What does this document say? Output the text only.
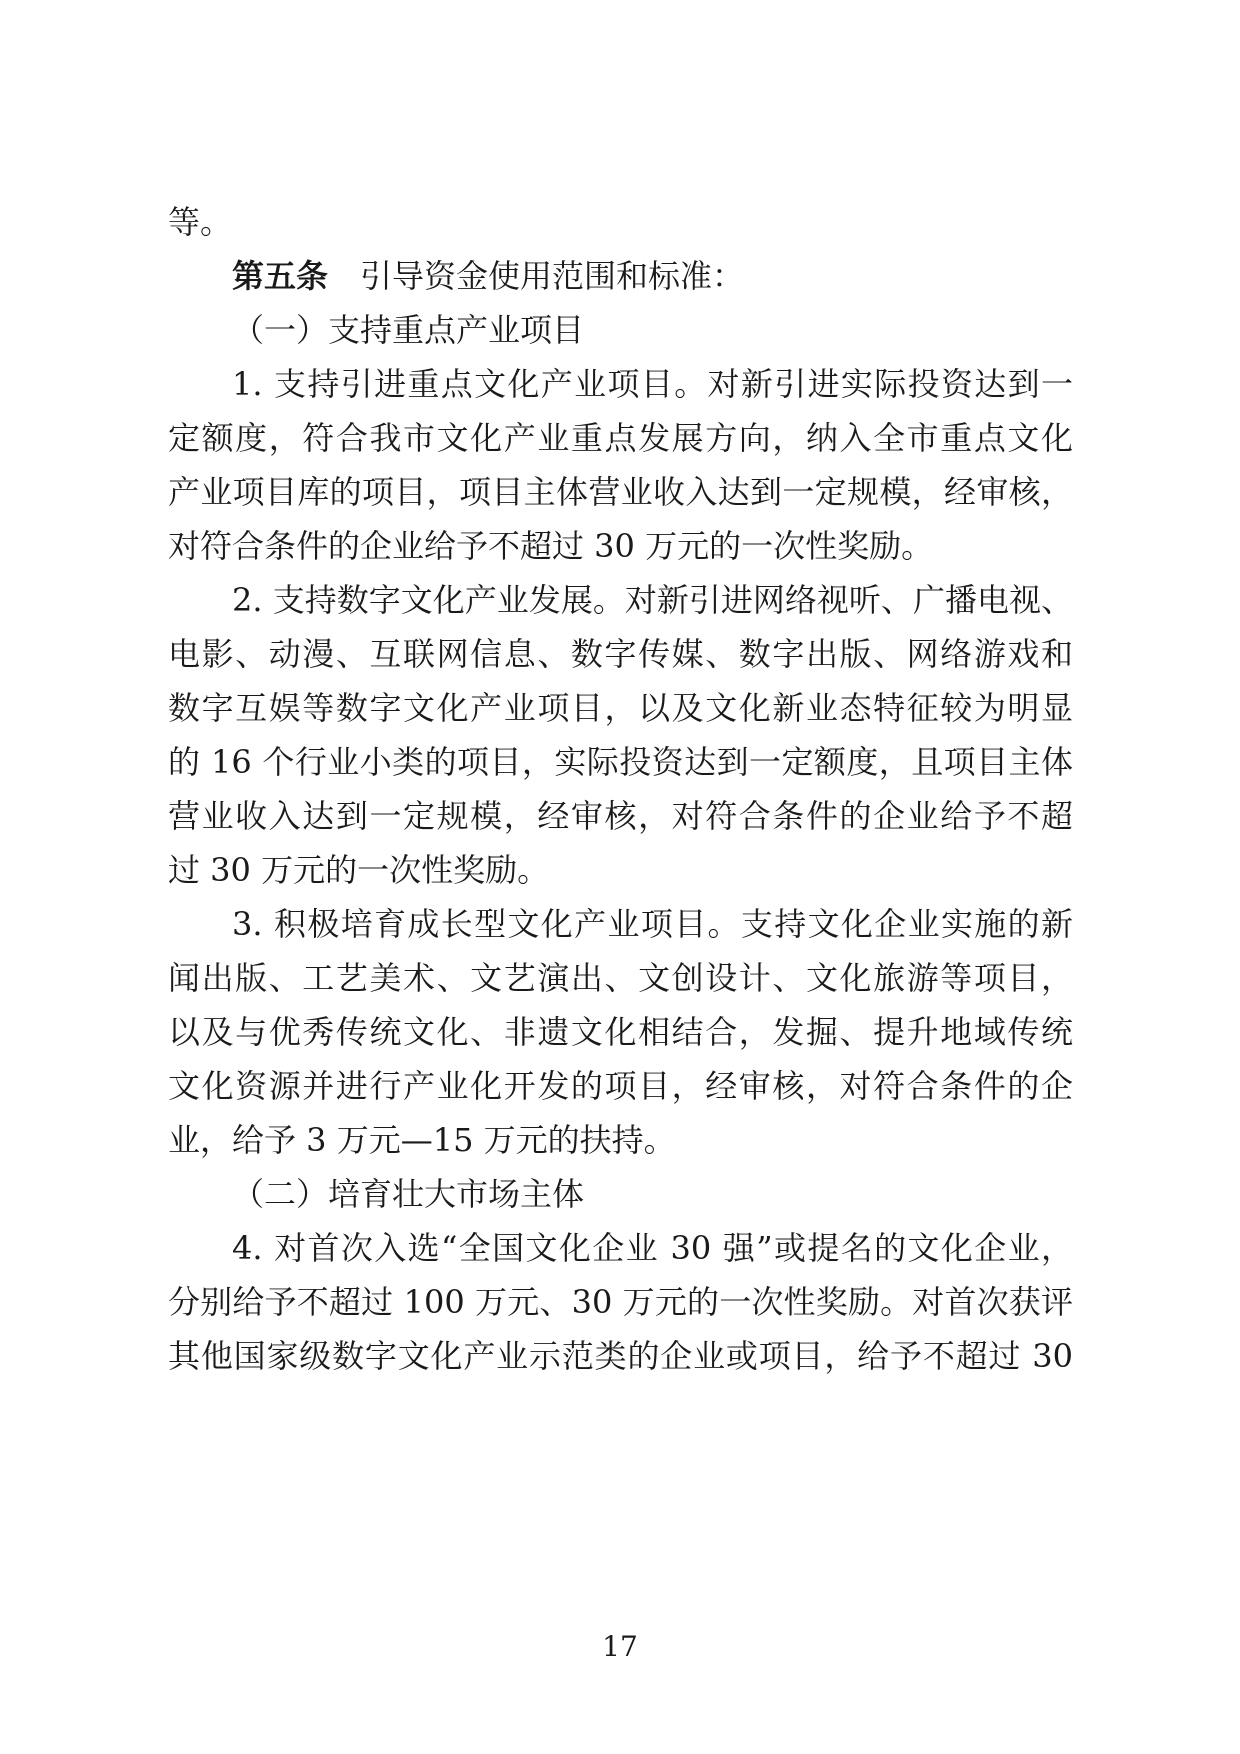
等。
第五条 引导资金使用范围和标准：
（一）支持重点产业项目
1. 支持引进重点文化产业项目。对新引进实际投资达到一
定额度，符合我市文化产业重点发展方向，纳入全市重点文化
产业项目库的项目，项目主体营业收入达到一定规模，经审核，
对符合条件的企业给予不超过 30 万元的一次性奖励。
2. 支持数字文化产业发展。对新引进网络视听、广播电视、
电影、动漫、互联网信息、数字传媒、数字出版、网络游戏和
数字互娱等数字文化产业项目，以及文化新业态特征较为明显
的 16 个行业小类的项目，实际投资达到一定额度，且项目主体
营业收入达到一定规模，经审核，对符合条件的企业给予不超
过 30 万元的一次性奖励。
3. 积极培育成长型文化产业项目。支持文化企业实施的新
闻出版、工艺美术、文艺演出、文创设计、文化旅游等项目，
以及与优秀传统文化、非遗文化相结合，发掘、提升地域传统
文化资源并进行产业化开发的项目，经审核，对符合条件的企
业，给予 3 万元—15 万元的扶持。
（二）培育壮大市场主体
4. 对首次入选“全国文化企业 30 强”或提名的文化企业，
分别给予不超过 100 万元、30 万元的一次性奖励。对首次获评
其他国家级数字文化产业示范类的企业或项目，给予不超过 30
17
